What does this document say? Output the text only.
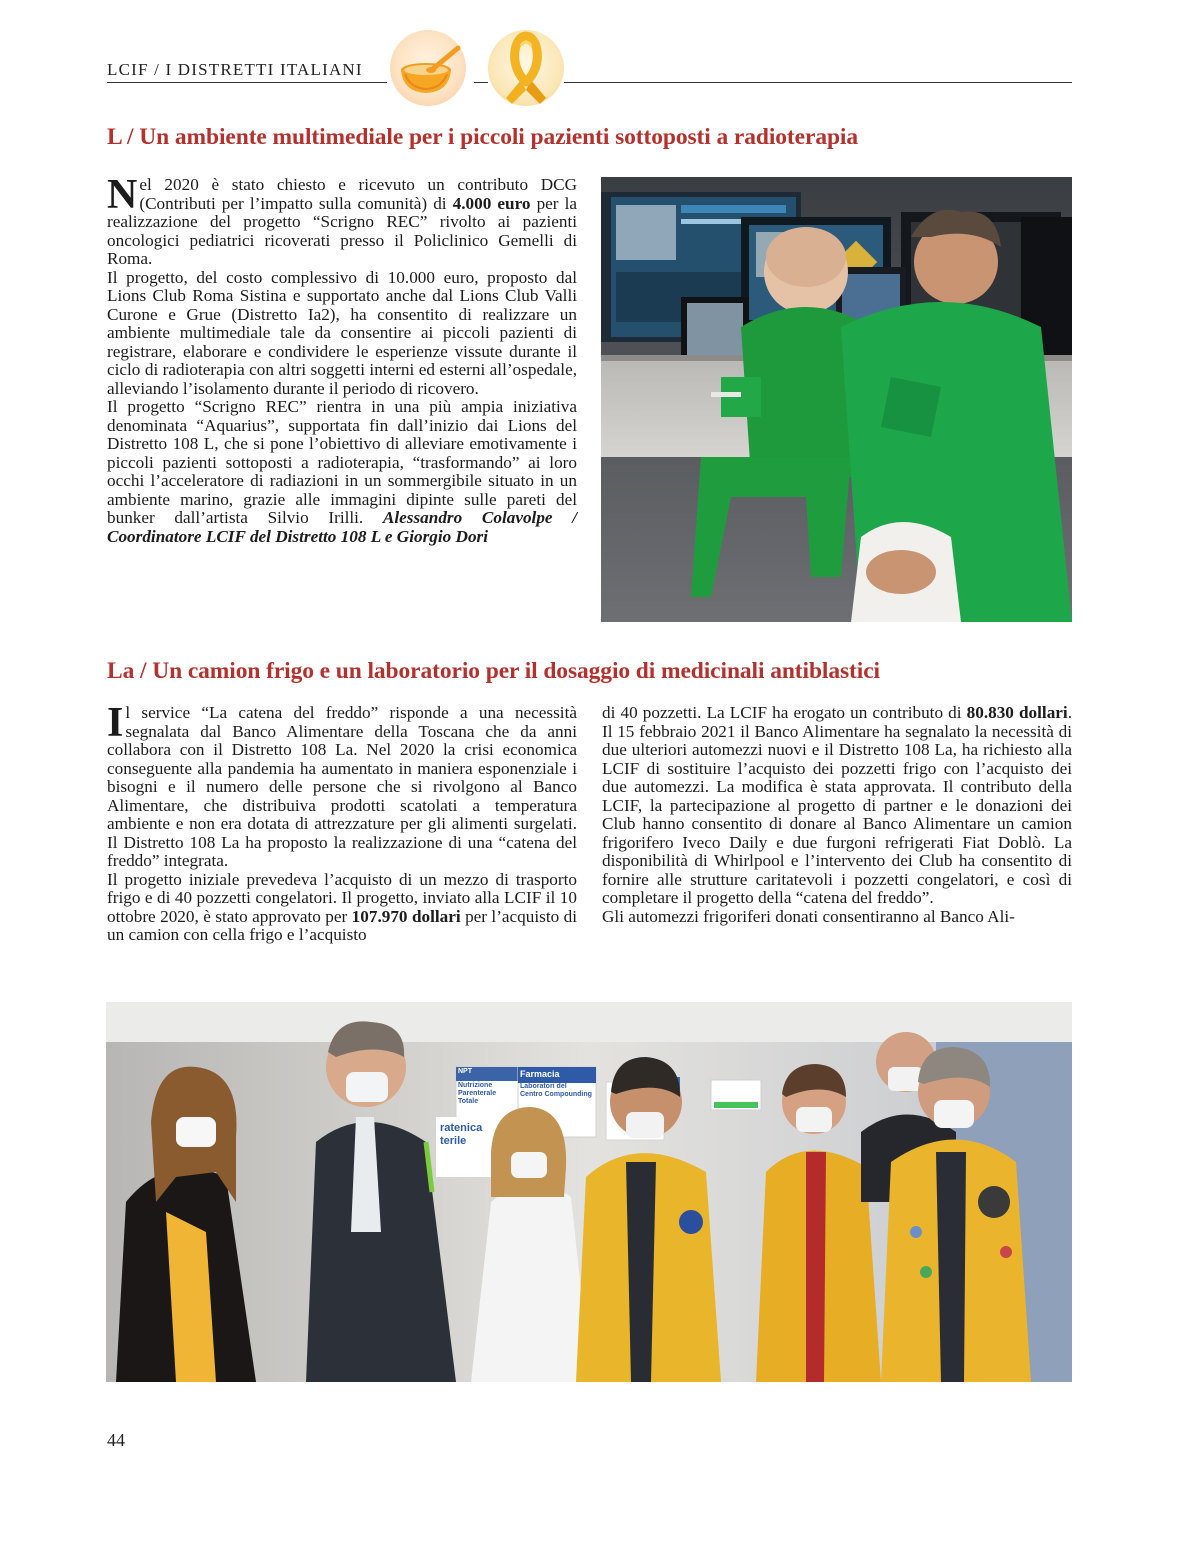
LCIF / I DISTRETTI ITALIANI
L / Un ambiente multimediale per i piccoli pazienti sottoposti a radioterapia

Nel 2020 è stato chiesto e ricevuto un contributo DCG (Contributi per l’impatto sulla comunità) di 4.000 euro per la realizzazione del progetto “Scrigno REC” rivolto ai pazienti oncologici pediatrici ricoverati presso il Policlinico Gemelli di Roma.

Il progetto, del costo complessivo di 10.000 euro, proposto dal Lions Club Roma Sistina e supportato anche dal Lions Club Valli Curone e Grue (Distretto Ia2), ha consentito di realizzare un ambiente multimediale tale da consentire ai piccoli pazienti di registrare, elaborare e condividere le esperienze vissute durante il ciclo di radioterapia con altri soggetti interni ed esterni all’ospedale, alleviando l’isolamento durante il periodo di ricovero.

Il progetto “Scrigno REC” rientra in una più ampia iniziativa denominata “Aquarius”, supportata fin dall’inizio dai Lions del Distretto 108 L, che si pone l’obiettivo di alleviare emotivamente i piccoli pazienti sottoposti a radioterapia, “trasformando” ai loro occhi l’acceleratore di radiazioni in un sommergibile situato in un ambiente marino, grazie alle immagini dipinte sulle pareti del bunker dall’artista Silvio Irilli. Alessandro Colavolpe / Coordinatore LCIF del Distretto 108 L e Giorgio Dori

La / Un camion frigo e un laboratorio per il dosaggio di medicinali antiblastici

Il service “La catena del freddo” risponde a una necessità segnalata dal Banco Alimentare della Toscana che da anni collabora con il Distretto 108 La. Nel 2020 la crisi economica conseguente alla pandemia ha aumentato in maniera esponenziale i bisogni e il numero delle persone che si rivolgono al Banco Alimentare, che distribuiva prodotti scatolati a temperatura ambiente e non era dotata di attrezzature per gli alimenti surgelati. Il Distretto 108 La ha proposto la realizzazione di una “catena del freddo” integrata.

Il progetto iniziale prevedeva l’acquisto di un mezzo di trasporto frigo e di 40 pozzetti congelatori. Il progetto, inviato alla LCIF il 10 ottobre 2020, è stato approvato per 107.970 dollari per l’acquisto di un camion con cella frigo e l’acquisto

di 40 pozzetti. La LCIF ha erogato un contributo di 80.830 dollari. Il 15 febbraio 2021 il Banco Alimentare ha segnalato la necessità di due ulteriori automezzi nuovi e il Distretto 108 La, ha richiesto alla LCIF di sostituire l’acquisto dei pozzetti frigo con l’acquisto dei due automezzi. La modifica è stata approvata. Il contributo della LCIF, la partecipazione al progetto di partner e le donazioni dei Club hanno consentito di donare al Banco Alimentare un camion frigorifero Iveco Daily e due furgoni refrigerati Fiat Doblò. La disponibilità di Whirlpool e l’intervento dei Club ha consentito di fornire alle strutture caritatevoli i pozzetti congelatori, e così di completare il progetto della “catena del freddo”.

Gli automezzi frigoriferi donati consentiranno al Banco Ali-

NPT
Nutrizione
Parenterale
Totale
Farmacia
Laboratori del
Centro Compounding
ratenica
terile
44
